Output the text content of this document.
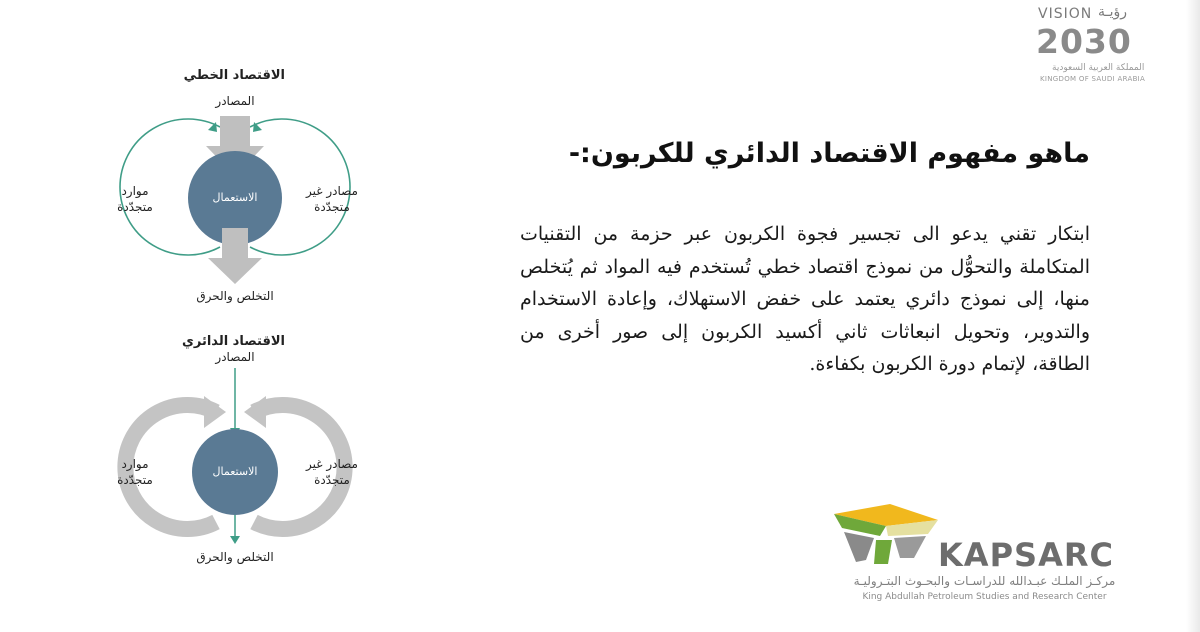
VISION رؤيـة
2030
المملكة العربية السعودية
KINGDOM OF SAUDI ARABIA
ماهو مفهوم الاقتصاد الدائري للكربون:-
ابتكار تقني يدعو الى تجسير فجوة الكربون عبر حزمة من التقنيات المتكاملة والتحوُّل من نموذج اقتصاد خطي تُستخدم فيه المواد ثم يُتخلص منها، إلى نموذج دائري يعتمد على خفض الاستهلاك، وإعادة الاستخدام والتدوير، وتحويل انبعاثات ثاني أكسيد الكربون إلى صور أخرى من الطاقة، لإتمام دورة الكربون بكفاءة.
الاقتصاد الخطي
المصادر
الاستعمال
موارد
متجدّدة
مصادر غير
متجدّدة
التخلص والحرق
الاقتصاد الدائري
المصادر
الاستعمال
موارد
متجدّدة
مصادر غير
متجدّدة
التخلص والحرق	KAPSARC
مركـز الملـك عبـدالله للدراسـات والبحـوث البتـروليـة
King Abdullah Petroleum Studies and Research Center
